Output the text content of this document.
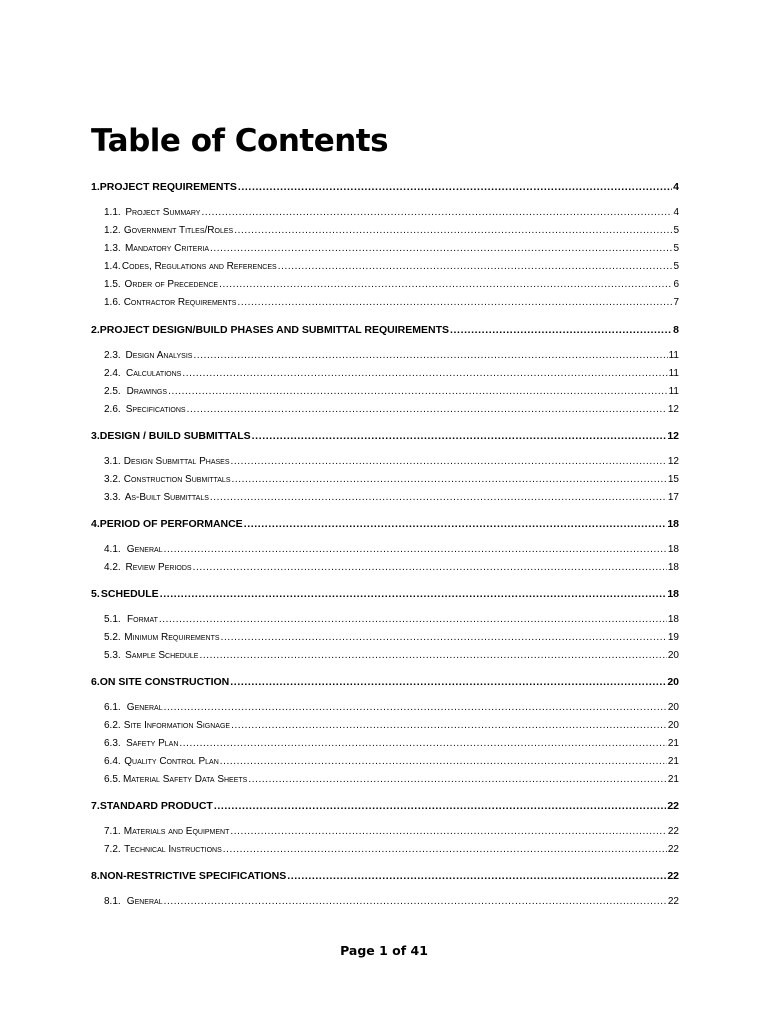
Table of Contents
1. PROJECT REQUIREMENTS .....	4
1.1. Project Summary .....	4
1.2. Government Titles/Roles .....	5
1.3. Mandatory Criteria .....	5
1.4. Codes, Regulations and References .....	5
1.5. Order of Precedence .....	6
1.6. Contractor Requirements .....	7
2. PROJECT DESIGN/BUILD PHASES AND SUBMITTAL REQUIREMENTS .....	8
2.3. Design Analysis .....	11
2.4. Calculations .....	11
2.5. Drawings .....	11
2.6. Specifications .....	12
3. DESIGN / BUILD SUBMITTALS .....	12
3.1. Design Submittal Phases .....	12
3.2. Construction Submittals .....	15
3.3. As-Built Submittals .....	17
4. PERIOD OF PERFORMANCE .....	18
4.1. General .....	18
4.2. Review Periods .....	18
5. SCHEDULE .....	18
5.1. Format .....	18
5.2. Minimum Requirements .....	19
5.3. Sample Schedule .....	20
6. ON SITE CONSTRUCTION .....	20
6.1. General .....	20
6.2. Site Information Signage .....	20
6.3. Safety Plan .....	21
6.4. Quality Control Plan .....	21
6.5. Material Safety Data Sheets .....	21
7. STANDARD PRODUCT .....	22
7.1. Materials and Equipment .....	22
7.2. Technical Instructions .....	22
8. NON-RESTRICTIVE SPECIFICATIONS .....	22
8.1. General .....	22
Page 1 of 41
